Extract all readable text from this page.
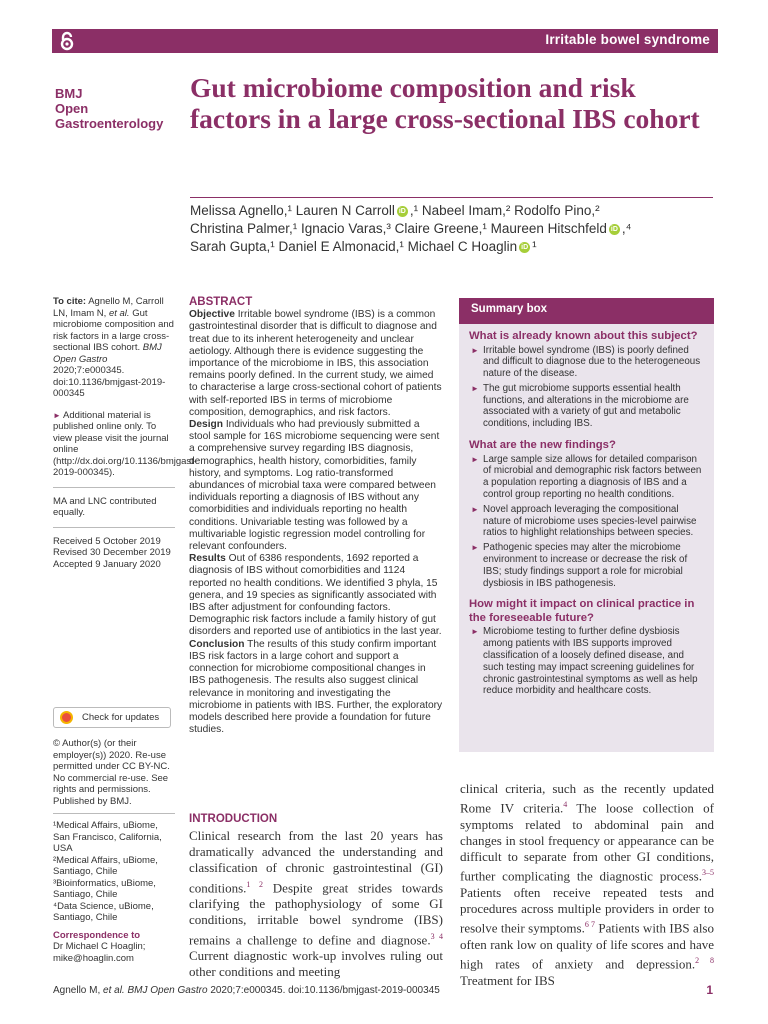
Irritable bowel syndrome
BMJ
Open
Gastroenterology
Gut microbiome composition and risk factors in a large cross-sectional IBS cohort
Melissa Agnello,¹ Lauren N Carroll iD ,¹ Nabeel Imam,² Rodolfo Pino,²
Christina Palmer,¹ Ignacio Varas,³ Claire Greene,¹ Maureen Hitschfeld iD ,⁴
Sarah Gupta,¹ Daniel E Almonacid,¹ Michael C Hoaglin iD ¹
To cite: Agnello M, Carroll LN, Imam N, et al. Gut microbiome composition and risk factors in a large cross-sectional IBS cohort. BMJ Open Gastro 2020;7:e000345. doi:10.1136/bmjgast-2019-000345
► Additional material is published online only. To view please visit the journal online (http://dx.doi.org/10.1136/bmjgast-2019-000345).
MA and LNC contributed equally.
Received 5 October 2019
Revised 30 December 2019
Accepted 9 January 2020
Check for updates
© Author(s) (or their employer(s)) 2020. Re-use permitted under CC BY-NC. No commercial re-use. See rights and permissions. Published by BMJ.
¹Medical Affairs, uBiome, San Francisco, California, USA
²Medical Affairs, uBiome, Santiago, Chile
³Bioinformatics, uBiome, Santiago, Chile
⁴Data Science, uBiome, Santiago, Chile
Correspondence to
Dr Michael C Hoaglin;
mike@hoaglin.com
ABSTRACT
Objective Irritable bowel syndrome (IBS) is a common gastrointestinal disorder that is difficult to diagnose and treat due to its inherent heterogeneity and unclear aetiology. Although there is evidence suggesting the importance of the microbiome in IBS, this association remains poorly defined. In the current study, we aimed to characterise a large cross-sectional cohort of patients with self-reported IBS in terms of microbiome composition, demographics, and risk factors.
Design Individuals who had previously submitted a stool sample for 16S microbiome sequencing were sent a comprehensive survey regarding IBS diagnosis, demographics, health history, comorbidities, family history, and symptoms. Log ratio-transformed abundances of microbial taxa were compared between individuals reporting a diagnosis of IBS without any comorbidities and individuals reporting no health conditions. Univariable testing was followed by a multivariable logistic regression model controlling for relevant confounders.
Results Out of 6386 respondents, 1692 reported a diagnosis of IBS without comorbidities and 1124 reported no health conditions. We identified 3 phyla, 15 genera, and 19 species as significantly associated with IBS after adjustment for confounding factors. Demographic risk factors include a family history of gut disorders and reported use of antibiotics in the last year.
Conclusion The results of this study confirm important IBS risk factors in a large cohort and support a connection for microbiome compositional changes in IBS pathogenesis. The results also suggest clinical relevance in monitoring and investigating the microbiome in patients with IBS. Further, the exploratory models described here provide a foundation for future studies.
Summary box
What is already known about this subject?
► Irritable bowel syndrome (IBS) is poorly defined and difficult to diagnose due to the heterogeneous nature of the disease.
► The gut microbiome supports essential health functions, and alterations in the microbiome are associated with a variety of gut and metabolic conditions, including IBS.
What are the new findings?
► Large sample size allows for detailed comparison of microbial and demographic risk factors between a population reporting a diagnosis of IBS and a control group reporting no health conditions.
► Novel approach leveraging the compositional nature of microbiome uses species-level pairwise ratios to highlight relationships between species.
► Pathogenic species may alter the microbiome environment to increase or decrease the risk of IBS; study findings support a role for microbial dysbiosis in IBS pathogenesis.
How might it impact on clinical practice in the foreseeable future?
► Microbiome testing to further define dysbiosis among patients with IBS supports improved classification of a loosely defined disease, and such testing may impact screening guidelines for chronic gastrointestinal symptoms as well as help reduce morbidity and healthcare costs.
INTRODUCTION
Clinical research from the last 20 years has dramatically advanced the understanding and classification of chronic gastrointestinal (GI) conditions.$^{1 2}$ Despite great strides towards clarifying the pathophysiology of some GI conditions, irritable bowel syndrome (IBS) remains a challenge to define and diagnose.$^{3 4}$ Current diagnostic work-up involves ruling out other conditions and meeting
clinical criteria, such as the recently updated Rome IV criteria.$^4$ The loose collection of symptoms related to abdominal pain and changes in stool frequency or appearance can be difficult to separate from other GI conditions, further complicating the diagnostic process.$^{3-5}$ Patients often receive repeated tests and procedures across multiple providers in order to resolve their symptoms.$^{6 7}$ Patients with IBS also often rank low on quality of life scores and have high rates of anxiety and depression.$^{2 8}$ Treatment for IBS
Agnello M, et al. BMJ Open Gastro 2020;7:e000345. doi:10.1136/bmjgast-2019-000345	1
